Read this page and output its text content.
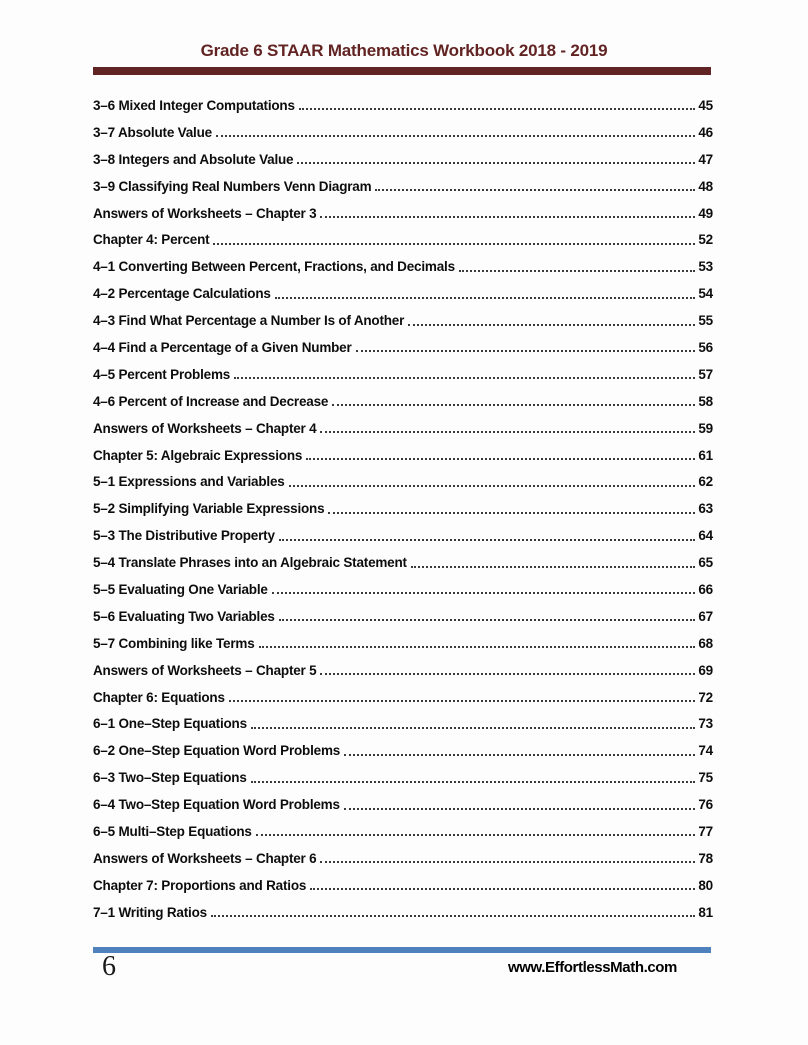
Grade 6 STAAR Mathematics Workbook 2018 - 2019
3–6 Mixed Integer Computations	45
3–7 Absolute Value	46
3–8 Integers and Absolute Value	47
3–9 Classifying Real Numbers Venn Diagram	48
Answers of Worksheets – Chapter 3	49
Chapter 4: Percent	52
4–1 Converting Between Percent, Fractions, and Decimals	53
4–2 Percentage Calculations	54
4–3 Find What Percentage a Number Is of Another	55
4–4 Find a Percentage of a Given Number	56
4–5 Percent Problems	57
4–6 Percent of Increase and Decrease	58
Answers of Worksheets – Chapter 4	59
Chapter 5: Algebraic Expressions	61
5–1 Expressions and Variables	62
5–2 Simplifying Variable Expressions	63
5–3 The Distributive Property	64
5–4 Translate Phrases into an Algebraic Statement	65
5–5 Evaluating One Variable	66
5–6 Evaluating Two Variables	67
5–7 Combining like Terms	68
Answers of Worksheets – Chapter 5	69
Chapter 6: Equations	72
6–1 One–Step Equations	73
6–2 One–Step Equation Word Problems	74
6–3 Two–Step Equations	75
6–4 Two–Step Equation Word Problems	76
6–5 Multi–Step Equations	77
Answers of Worksheets – Chapter 6	78
Chapter 7: Proportions and Ratios	80
7–1 Writing Ratios	81
6	www.EffortlessMath.com
